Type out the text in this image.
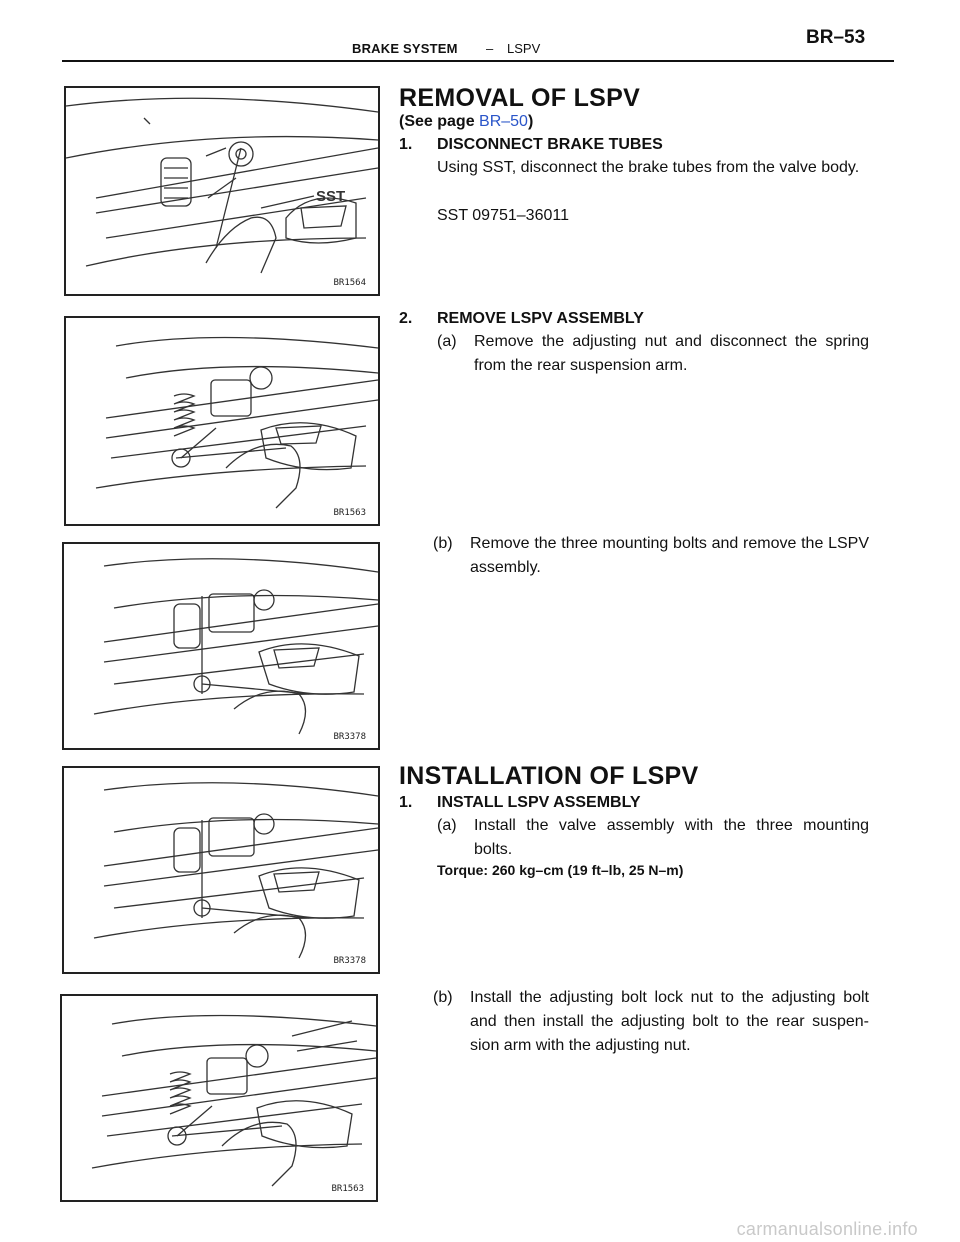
BRAKE SYSTEM – LSPV
BR–53
SST
BR1564
BR1563
BR3378
BR3378
BR1563
REMOVAL OF LSPV
(See page BR–50)
1. DISCONNECT BRAKE TUBES
Using SST, disconnect the brake tubes from the valve body.
SST 09751–36011
2. REMOVE LSPV ASSEMBLY
(a) Remove the adjusting nut and disconnect the spring from the rear suspension arm.
(b) Remove the three mounting bolts and remove the LSPV assembly.
INSTALLATION OF LSPV
1. INSTALL LSPV ASSEMBLY
(a) Install the valve assembly with the three mounting bolts.
Torque: 260 kg–cm (19 ft–lb, 25 N–m)
(b) Install the adjusting bolt lock nut to the adjusting bolt and then install the adjusting bolt to the rear suspen- sion arm with the adjusting nut.
carmanualsonline.info
